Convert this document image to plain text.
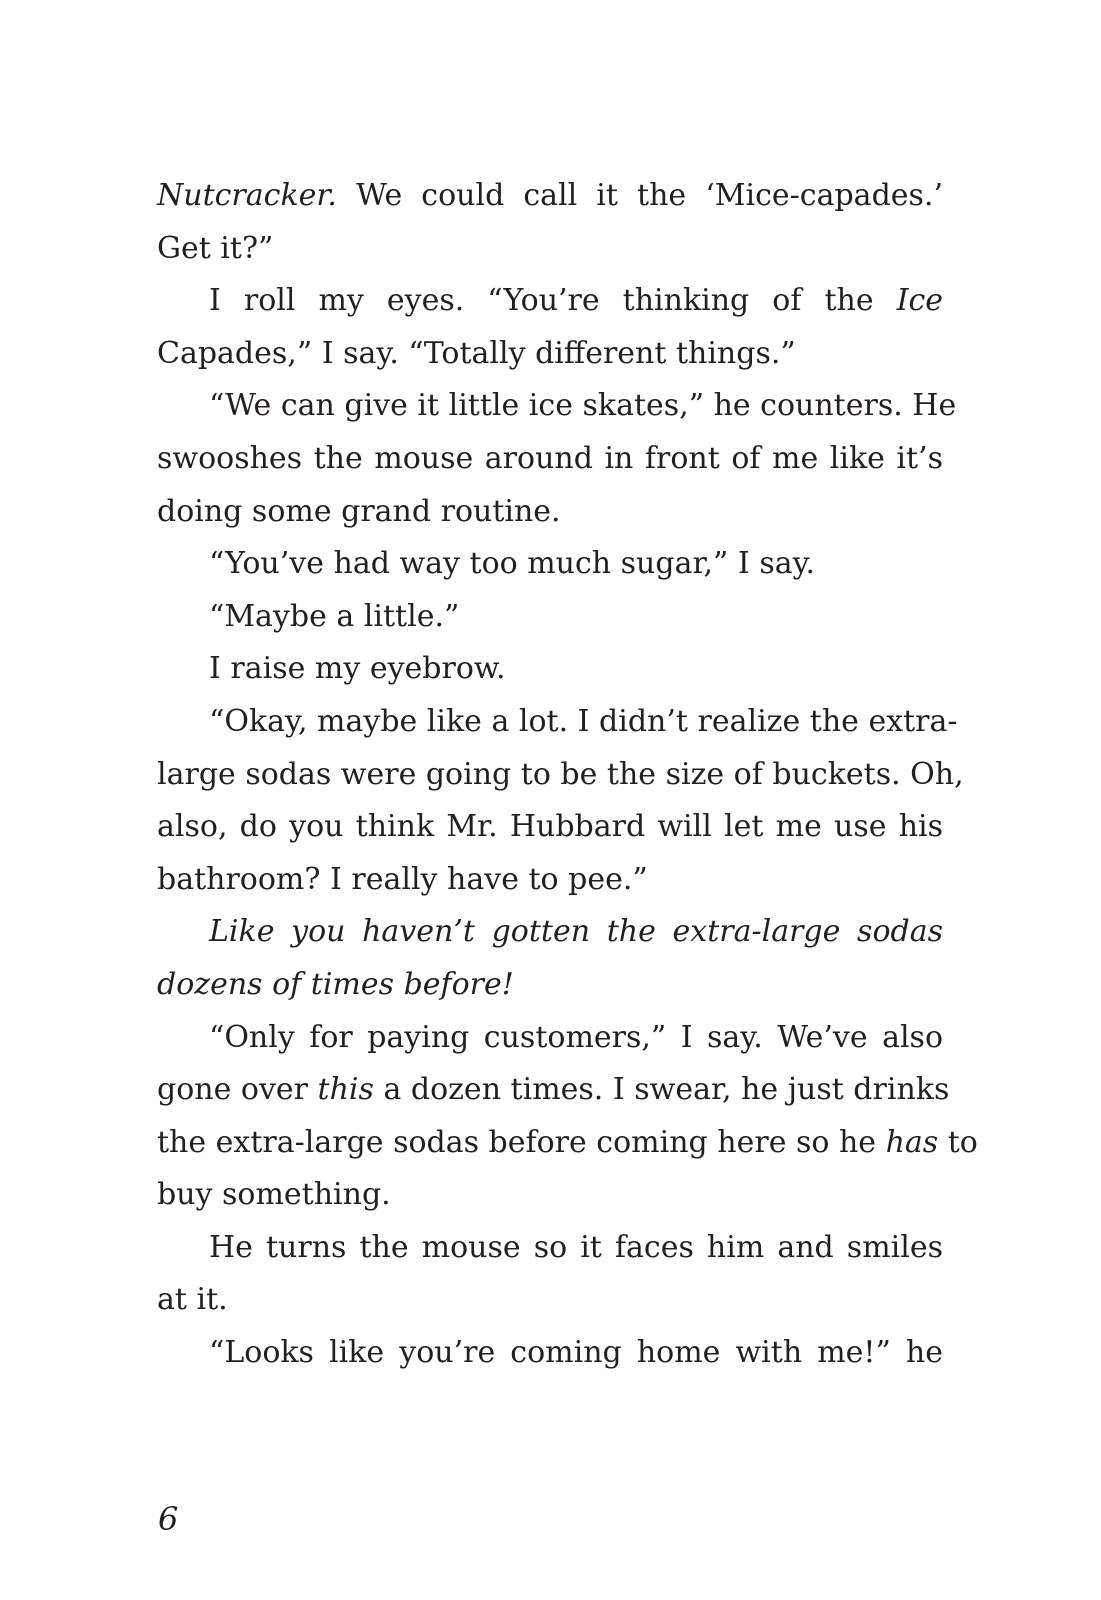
Nutcracker. We could call it the ‘Mice-capades.’
Get it?”
I roll my eyes. “You’re thinking of the Ice
Capades,” I say. “Totally different things.”
“We can give it little ice skates,” he counters. He
swooshes the mouse around in front of me like it’s
doing some grand routine.
“You’ve had way too much sugar,” I say.
“Maybe a little.”
I raise my eyebrow.
“Okay, maybe like a lot. I didn’t realize the extra-
large sodas were going to be the size of buckets. Oh,
also, do you think Mr. Hubbard will let me use his
bathroom? I really have to pee.”
Like you haven’t gotten the extra-large sodas
dozens of times before!
“Only for paying customers,” I say. We’ve also
gone over this a dozen times. I swear, he just drinks
the extra-large sodas before coming here so he has to
buy something.
He turns the mouse so it faces him and smiles
at it.
“Looks like you’re coming home with me!” he
6
